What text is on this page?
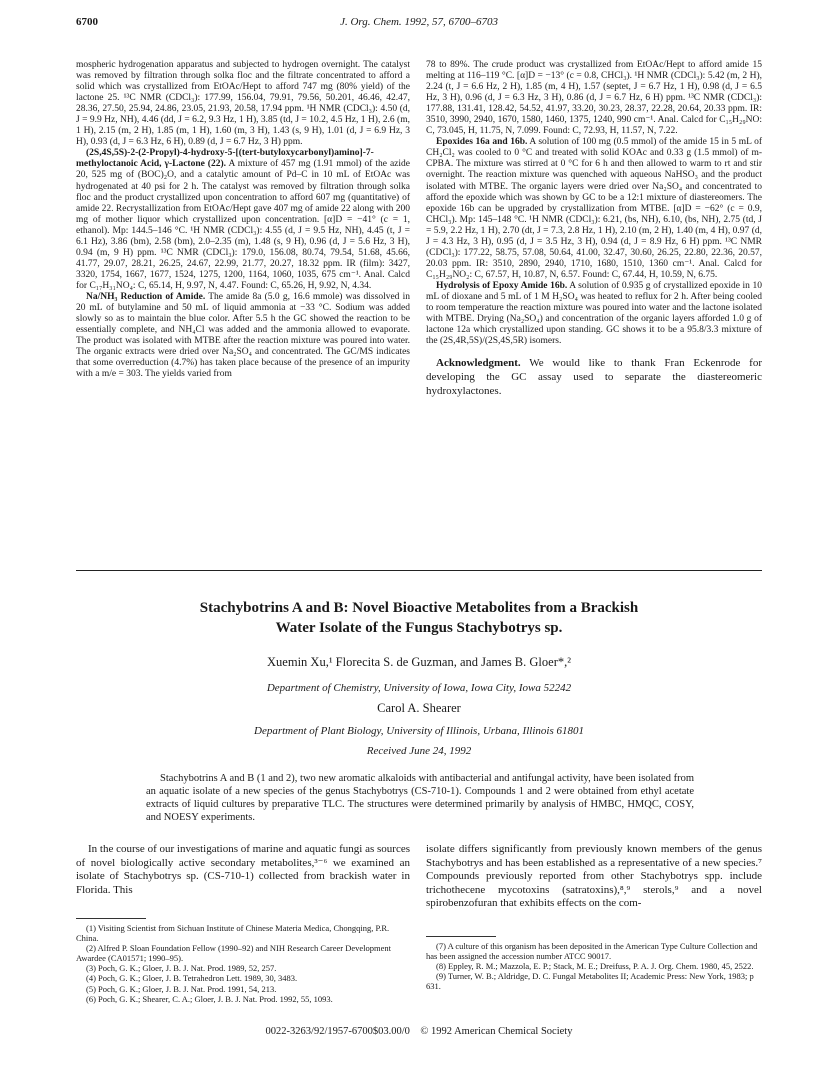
6700	J. Org. Chem. 1992, 57, 6700–6703

mospheric hydrogenation apparatus and subjected to hydrogen overnight. The catalyst was removed by filtration through solka floc and the filtrate concentrated to afford a solid which was crystallized from EtOAc/Hept to afford 747 mg (80% yield) of the lactone 25. ¹³C NMR (CDCl₃): 177.99, 156.04, 79.91, 79.56, 50.201, 46.46, 42.47, 28.36, 27.50, 25.94, 24.86, 23.05, 21.93, 20.58, 17.94 ppm. ¹H NMR (CDCl₃): 4.50 (d, J = 9.9 Hz, NH), 4.46 (dd, J = 6.2, 9.3 Hz, 1 H), 3.85 (td, J = 10.2, 4.5 Hz, 1 H), 2.6 (m, 1 H), 2.15 (m, 2 H), 1.85 (m, 1 H), 1.60 (m, 3 H), 1.43 (s, 9 H), 1.01 (d, J = 6.9 Hz, 3 H), 0.93 (d, J = 6.3 Hz, 6 H), 0.89 (d, J = 6.7 Hz, 3 H) ppm.

(2S,4S,5S)-2-(2-Propyl)-4-hydroxy-5-[(tert-butyloxycarbonyl)amino]-7-methyloctanoic Acid, γ-Lactone (22). A mixture of 457 mg (1.91 mmol) of the azide 20, 525 mg of (BOC)₂O, and a catalytic amount of Pd–C in 10 mL of EtOAc was hydrogenated at 40 psi for 2 h. The catalyst was removed by filtration through solka floc and the product crystallized upon concentration to afford 607 mg (quantitative) of amide 22. Recrystallization from EtOAc/Hept gave 407 mg of amide 22 along with 200 mg of mother liquor which crystallized upon concentration. [α]D = −41° (c = 1, ethanol). Mp: 144.5–146 °C. ¹H NMR (CDCl₃): 4.55 (d, J = 9.5 Hz, NH), 4.45 (t, J = 6.1 Hz), 3.86 (bm), 2.58 (bm), 2.0–2.35 (m), 1.48 (s, 9 H), 0.96 (d, J = 5.6 Hz, 3 H), 0.94 (m, 9 H) ppm. ¹³C NMR (CDCl₃): 179.0, 156.08, 80.74, 79.54, 51.68, 45.66, 41.77, 29.07, 28.21, 26.25, 24.67, 22.99, 21.77, 20.27, 18.32 ppm. IR (film): 3427, 3320, 1754, 1667, 1677, 1524, 1275, 1200, 1164, 1060, 1035, 675 cm⁻¹. Anal. Calcd for C₁₇H₃₁NO₄: C, 65.14, H, 9.97, N, 4.47. Found: C, 65.26, H, 9.92, N, 4.34.

Na/NH₃ Reduction of Amide. The amide 8a (5.0 g, 16.6 mmole) was dissolved in 20 mL of butylamine and 50 mL of liquid ammonia at −33 °C. Sodium was added slowly so as to maintain the blue color. After 5.5 h the GC showed the reaction to be essentially complete, and NH₄Cl was added and the ammonia allowed to evaporate. The product was isolated with MTBE after the reaction mixture was poured into water. The organic extracts were dried over Na₂SO₄ and concentrated. The GC/MS indicates that some overreduction (4.7%) has taken place because of the presence of an impurity with a m/e = 303. The yields varied from

78 to 89%. The crude product was crystallized from EtOAc/Hept to afford amide 15 melting at 116–119 °C. [α]D = −13° (c = 0.8, CHCl₃). ¹H NMR (CDCl₃): 5.42 (m, 2 H), 2.24 (t, J = 6.6 Hz, 2 H), 1.85 (m, 4 H), 1.57 (septet, J = 6.7 Hz, 1 H), 0.98 (d, J = 6.5 Hz, 3 H), 0.96 (d, J = 6.3 Hz, 3 H), 0.86 (d, J = 6.7 Hz, 6 H) ppm. ¹³C NMR (CDCl₃): 177.88, 131.41, 128.42, 54.52, 41.97, 33.20, 30.23, 28.37, 22.28, 20.64, 20.33 ppm. IR: 3510, 3990, 2940, 1670, 1580, 1460, 1375, 1240, 990 cm⁻¹. Anal. Calcd for C₁₅H₂₉NO: C, 73.045, H, 11.75, N, 7.099. Found: C, 72.93, H, 11.57, N, 7.22.

Epoxides 16a and 16b. A solution of 100 mg (0.5 mmol) of the amide 15 in 5 mL of CH₂Cl₂ was cooled to 0 °C and treated with solid KOAc and 0.33 g (1.5 mmol) of m-CPBA. The mixture was stirred at 0 °C for 6 h and then allowed to warm to rt and stir overnight. The reaction mixture was quenched with aqueous NaHSO₃ and the product isolated with MTBE. The organic layers were dried over Na₂SO₄ and concentrated to afford the epoxide which was shown by GC to be a 12:1 mixture of diastereomers. The epoxide 16b can be upgraded by crystallization from MTBE. [α]D = −62° (c = 0.9, CHCl₃). Mp: 145–148 °C. ¹H NMR (CDCl₃): 6.21, (bs, NH), 6.10, (bs, NH), 2.75 (td, J = 5.9, 2.2 Hz, 1 H), 2.70 (dt, J = 7.3, 2.8 Hz, 1 H), 2.10 (m, 2 H), 1.40 (m, 4 H), 0.97 (d, J = 4.3 Hz, 3 H), 0.95 (d, J = 3.5 Hz, 3 H), 0.94 (d, J = 8.9 Hz, 6 H) ppm. ¹³C NMR (CDCl₃): 177.22, 58.75, 57.08, 50.64, 41.00, 32.47, 30.60, 26.25, 22.80, 22.36, 20.57, 20.03 ppm. IR: 3510, 2890, 2940, 1710, 1680, 1510, 1360 cm⁻¹. Anal. Calcd for C₁₅H₂₉NO₂: C, 67.57, H, 10.87, N, 6.57. Found: C, 67.44, H, 10.59, N, 6.75.

Hydrolysis of Epoxy Amide 16b. A solution of 0.935 g of crystallized epoxide in 10 mL of dioxane and 5 mL of 1 M H₂SO₄ was heated to reflux for 2 h. After being cooled to room temperature the reaction mixture was poured into water and the lactone isolated with MTBE. Drying (Na₂SO₄) and concentration of the organic layers afforded 1.0 g of lactone 12a which crystallized upon standing. GC shows it to be a 95.8/3.3 mixture of the (2S,4R,5S)/(2S,4S,5R) isomers.

Acknowledgment. We would like to thank Fran Eckenrode for developing the GC assay used to separate the diastereomeric hydroxylactones.

Stachybotrins A and B: Novel Bioactive Metabolites from a Brackish
Water Isolate of the Fungus Stachybotrys sp.
Xuemin Xu,¹ Florecita S. de Guzman, and James B. Gloer*,²
Department of Chemistry, University of Iowa, Iowa City, Iowa 52242
Carol A. Shearer
Department of Plant Biology, University of Illinois, Urbana, Illinois 61801
Received June 24, 1992
Stachybotrins A and B (1 and 2), two new aromatic alkaloids with antibacterial and antifungal activity, have been isolated from an aquatic isolate of a new species of the genus Stachybotrys (CS-710-1). Compounds 1 and 2 were obtained from ethyl acetate extracts of liquid cultures by preparative TLC. The structures were determined primarily by analysis of HMBC, HMQC, COSY, and NOESY experiments.
In the course of our investigations of marine and aquatic fungi as sources of novel biologically active secondary metabolites,³⁻⁶ we examined an isolate of Stachybotrys sp. (CS-710-1) collected from brackish water in Florida. This
isolate differs significantly from previously known members of the genus Stachybotrys and has been established as a representative of a new species.⁷ Compounds previously reported from other Stachybotrys spp. include trichothecene mycotoxins (satratoxins),⁸,⁹ sterols,⁹ and a novel spirobenzofuran that exhibits effects on the com-
(1) Visiting Scientist from Sichuan Institute of Chinese Materia Medica, Chongqing, P.R. China.
(2) Alfred P. Sloan Foundation Fellow (1990–92) and NIH Research Career Development Awardee (CA01571; 1990–95).
(3) Poch, G. K.; Gloer, J. B. J. Nat. Prod. 1989, 52, 257.
(4) Poch, G. K.; Gloer, J. B. Tetrahedron Lett. 1989, 30, 3483.
(5) Poch, G. K.; Gloer, J. B. J. Nat. Prod. 1991, 54, 213.
(6) Poch, G. K.; Shearer, C. A.; Gloer, J. B. J. Nat. Prod. 1992, 55, 1093.
(7) A culture of this organism has been deposited in the American Type Culture Collection and has been assigned the accession number ATCC 90017.
(8) Eppley, R. M.; Mazzola, E. P.; Stack, M. E.; Dreifuss, P. A. J. Org. Chem. 1980, 45, 2522.
(9) Turner, W. B.; Aldridge, D. C. Fungal Metabolites II; Academic Press: New York, 1983; p 631.
0022-3263/92/1957-6700$03.00/0 © 1992 American Chemical Society
